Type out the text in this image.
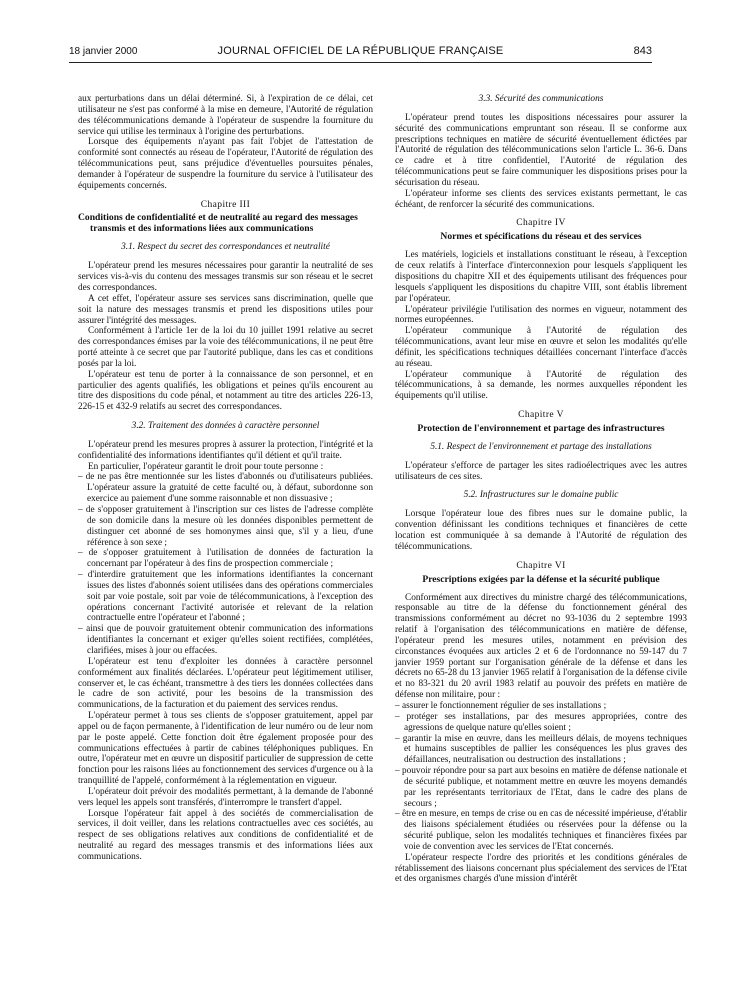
18 janvier 2000	JOURNAL OFFICIEL DE LA RÉPUBLIQUE FRANÇAISE	843

aux perturbations dans un délai déterminé. Si, à l'expiration de ce délai, cet utilisateur ne s'est pas conformé à la mise en demeure, l'Autorité de régulation des télécommunications demande à l'opérateur de suspendre la fourniture du service qui utilise les terminaux à l'origine des perturbations.

Lorsque des équipements n'ayant pas fait l'objet de l'attestation de conformité sont connectés au réseau de l'opérateur, l'Autorité de régulation des télécommunications peut, sans préjudice d'éventuelles poursuites pénales, demander à l'opérateur de suspendre la fourniture du service à l'utilisateur des équipements concernés.

Chapitre III
Conditions de confidentialité et de neutralité au regard des messages transmis et des informations liées aux communications
3.1. Respect du secret des correspondances et neutralité

L'opérateur prend les mesures nécessaires pour garantir la neutralité de ses services vis-à-vis du contenu des messages transmis sur son réseau et le secret des correspondances.

A cet effet, l'opérateur assure ses services sans discrimination, quelle que soit la nature des messages transmis et prend les dispositions utiles pour assurer l'intégrité des messages.

Conformément à l'article 1er de la loi du 10 juillet 1991 relative au secret des correspondances émises par la voie des télécommunications, il ne peut être porté atteinte à ce secret que par l'autorité publique, dans les cas et conditions posés par la loi.

L'opérateur est tenu de porter à la connaissance de son personnel, et en particulier des agents qualifiés, les obligations et peines qu'ils encourent au titre des dispositions du code pénal, et notamment au titre des articles 226-13, 226-15 et 432-9 relatifs au secret des correspondances.

3.2. Traitement des données à caractère personnel

L'opérateur prend les mesures propres à assurer la protection, l'intégrité et la confidentialité des informations identifiantes qu'il détient et qu'il traite.

En particulier, l'opérateur garantit le droit pour toute personne :

– de ne pas être mentionnée sur les listes d'abonnés ou d'utilisateurs publiées. L'opérateur assure la gratuité de cette faculté ou, à défaut, subordonne son exercice au paiement d'une somme raisonnable et non dissuasive ;
– de s'opposer gratuitement à l'inscription sur ces listes de l'adresse complète de son domicile dans la mesure où les données disponibles permettent de distinguer cet abonné de ses homonymes ainsi que, s'il y a lieu, d'une référence à son sexe ;
– de s'opposer gratuitement à l'utilisation de données de facturation la concernant par l'opérateur à des fins de prospection commerciale ;
– d'interdire gratuitement que les informations identifiantes la concernant issues des listes d'abonnés soient utilisées dans des opérations commerciales soit par voie postale, soit par voie de télécommunications, à l'exception des opérations concernant l'activité autorisée et relevant de la relation contractuelle entre l'opérateur et l'abonné ;
– ainsi que de pouvoir gratuitement obtenir communication des informations identifiantes la concernant et exiger qu'elles soient rectifiées, complétées, clarifiées, mises à jour ou effacées.

L'opérateur est tenu d'exploiter les données à caractère personnel conformément aux finalités déclarées. L'opérateur peut légitimement utiliser, conserver et, le cas échéant, transmettre à des tiers les données collectées dans le cadre de son activité, pour les besoins de la transmission des communications, de la facturation et du paiement des services rendus.

L'opérateur permet à tous ses clients de s'opposer gratuitement, appel par appel ou de façon permanente, à l'identification de leur numéro ou de leur nom par le poste appelé. Cette fonction doit être également proposée pour des communications effectuées à partir de cabines téléphoniques publiques. En outre, l'opérateur met en œuvre un dispositif particulier de suppression de cette fonction pour les raisons liées au fonctionnement des services d'urgence ou à la tranquillité de l'appelé, conformément à la réglementation en vigueur.

L'opérateur doit prévoir des modalités permettant, à la demande de l'abonné vers lequel les appels sont transférés, d'interrompre le transfert d'appel.

Lorsque l'opérateur fait appel à des sociétés de commercialisation de services, il doit veiller, dans les relations contractuelles avec ces sociétés, au respect de ses obligations relatives aux conditions de confidentialité et de neutralité au regard des messages transmis et des informations liées aux communications.

3.3. Sécurité des communications

L'opérateur prend toutes les dispositions nécessaires pour assurer la sécurité des communications empruntant son réseau. Il se conforme aux prescriptions techniques en matière de sécurité éventuellement édictées par l'Autorité de régulation des télécommunications selon l'article L. 36-6. Dans ce cadre et à titre confidentiel, l'Autorité de régulation des télécommunications peut se faire communiquer les dispositions prises pour la sécurisation du réseau.

L'opérateur informe ses clients des services existants permettant, le cas échéant, de renforcer la sécurité des communications.

Chapitre IV
Normes et spécifications du réseau et des services

Les matériels, logiciels et installations constituant le réseau, à l'exception de ceux relatifs à l'interface d'interconnexion pour lesquels s'appliquent les dispositions du chapitre XII et des équipements utilisant des fréquences pour lesquels s'appliquent les dispositions du chapitre VIII, sont établis librement par l'opérateur.

L'opérateur privilégie l'utilisation des normes en vigueur, notamment des normes européennes.

L'opérateur communique à l'Autorité de régulation des télécommunications, avant leur mise en œuvre et selon les modalités qu'elle définit, les spécifications techniques détaillées concernant l'interface d'accès au réseau.

L'opérateur communique à l'Autorité de régulation des télécommunications, à sa demande, les normes auxquelles répondent les équipements qu'il utilise.

Chapitre V
Protection de l'environnement et partage des infrastructures
5.1. Respect de l'environnement et partage des installations

L'opérateur s'efforce de partager les sites radioélectriques avec les autres utilisateurs de ces sites.

5.2. Infrastructures sur le domaine public

Lorsque l'opérateur loue des fibres nues sur le domaine public, la convention définissant les conditions techniques et financières de cette location est communiquée à sa demande à l'Autorité de régulation des télécommunications.

Chapitre VI
Prescriptions exigées par la défense et la sécurité publique

Conformément aux directives du ministre chargé des télécommunications, responsable au titre de la défense du fonctionnement général des transmissions conformément au décret no 93-1036 du 2 septembre 1993 relatif à l'organisation des télécommunications en matière de défense, l'opérateur prend les mesures utiles, notamment en prévision des circonstances évoquées aux articles 2 et 6 de l'ordonnance no 59-147 du 7 janvier 1959 portant sur l'organisation générale de la défense et dans les décrets no 65-28 du 13 janvier 1965 relatif à l'organisation de la défense civile et no 83-321 du 20 avril 1983 relatif au pouvoir des préfets en matière de défense non militaire, pour :

– assurer le fonctionnement régulier de ses installations ;
– protéger ses installations, par des mesures appropriées, contre des agressions de quelque nature qu'elles soient ;
– garantir la mise en œuvre, dans les meilleurs délais, de moyens techniques et humains susceptibles de pallier les conséquences les plus graves des défaillances, neutralisation ou destruction des installations ;
– pouvoir répondre pour sa part aux besoins en matière de défense nationale et de sécurité publique, et notamment mettre en œuvre les moyens demandés par les représentants territoriaux de l'Etat, dans le cadre des plans de secours ;
– être en mesure, en temps de crise ou en cas de nécessité impérieuse, d'établir des liaisons spécialement étudiées ou réservées pour la défense ou la sécurité publique, selon les modalités techniques et financières fixées par voie de convention avec les services de l'Etat concernés.

L'opérateur respecte l'ordre des priorités et les conditions générales de rétablissement des liaisons concernant plus spécialement des services de l'Etat et des organismes chargés d'une mission d'intérêt
